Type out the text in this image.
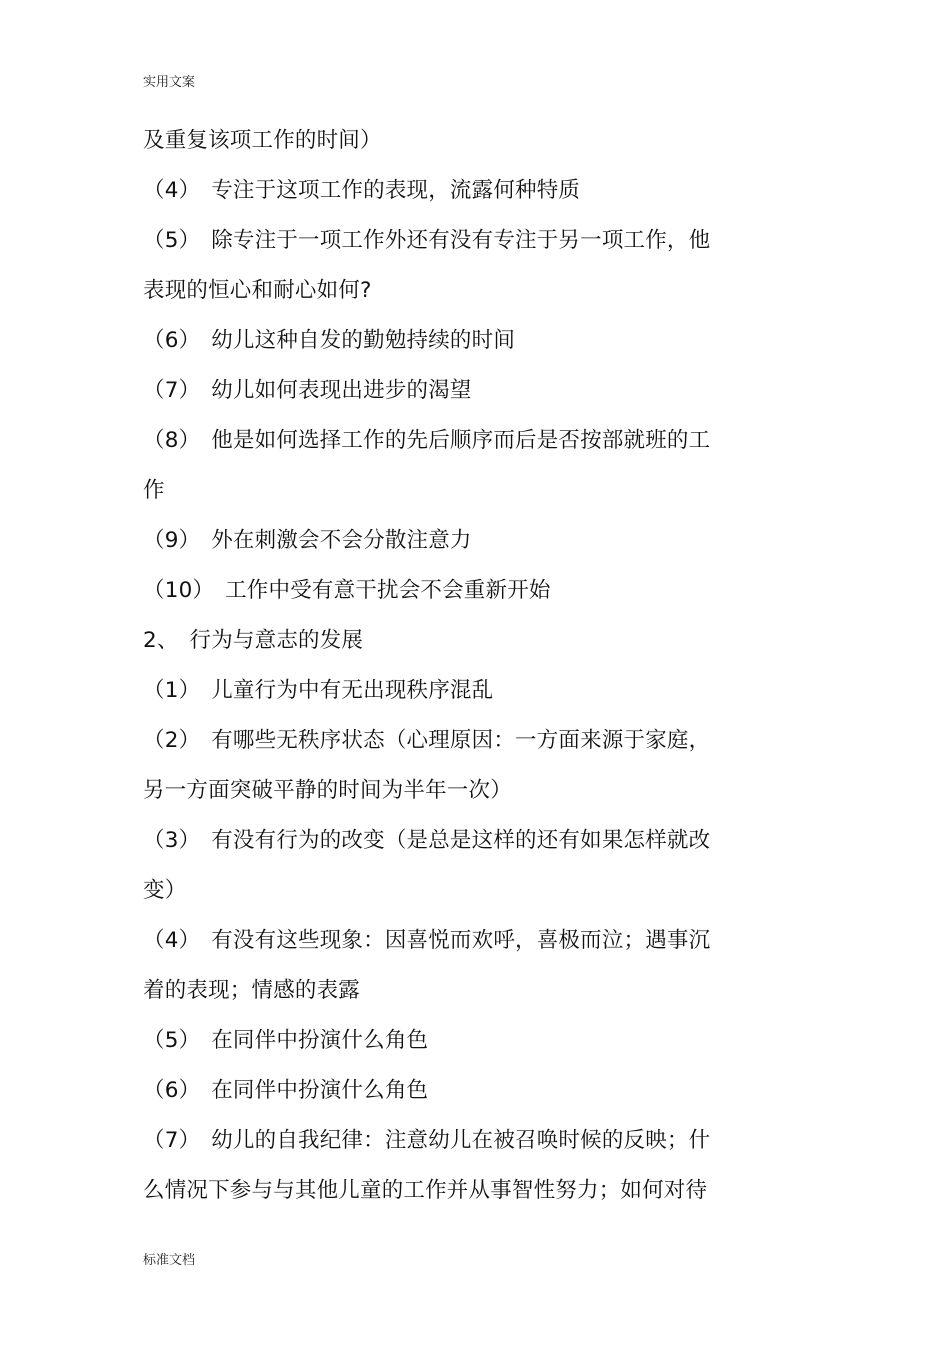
实用文案
及重复该项工作的时间）
（4）　专注于这项工作的表现，流露何种特质
（5）　除专注于一项工作外还有没有专注于另一项工作，他
表现的恒心和耐心如何?
（6）　幼儿这种自发的勤勉持续的时间
（7）　幼儿如何表现出进步的渴望
（8）　他是如何选择工作的先后顺序而后是否按部就班的工
作
（9）　外在刺激会不会分散注意力
（10）　工作中受有意干扰会不会重新开始
2、　行为与意志的发展
（1）　儿童行为中有无出现秩序混乱
（2）　有哪些无秩序状态（心理原因：一方面来源于家庭，
另一方面突破平静的时间为半年一次）
（3）　有没有行为的改变（是总是这样的还有如果怎样就改
变）
（4）　有没有这些现象：因喜悦而欢呼，喜极而泣；遇事沉
着的表现；情感的表露
（5）　在同伴中扮演什么角色
（6）　在同伴中扮演什么角色
（7）　幼儿的自我纪律：注意幼儿在被召唤时候的反映；什
么情况下参与与其他儿童的工作并从事智性努力；如何对待
标准文档
